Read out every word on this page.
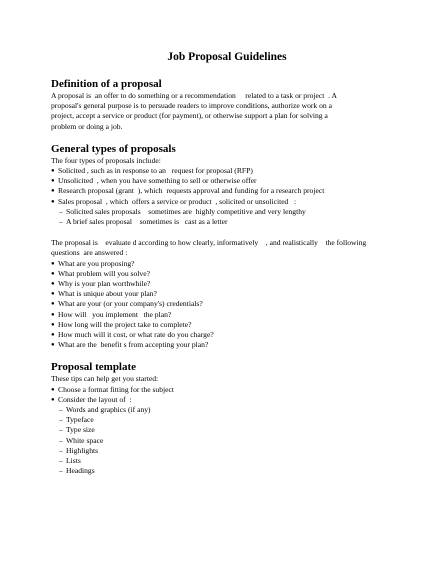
Job Proposal Guidelines
Definition of a proposal

A proposal is  an offer to do something or a recommendation     related to a task or project  . A

proposal's general purpose is to persuade readers to improve conditions, authorize work on a

project, accept a service or product (for payment), or otherwise support a plan for solving a

problem or doing a job.

General types of proposals

The four types of proposals include:

● Solicited , such as in response to an   request for proposal (RFP)
● Unsolicited  , when you have something to sell or otherwise offer
● Research proposal (grant  ), which  requests approval and funding for a research project
● Sales proposal  , which  offers a service or product  , solicited or unsolicited   :
– Solicited sales proposals    sometimes are  highly competitive and very lengthy
– A brief sales proposal    sometimes is   cast as a letter

The proposal is    evaluate d according to how clearly, informatively    , and realistically    the following

questions  are answered :

● What are you proposing?
● What problem will you solve?
● Why is your plan worthwhile?
● What is unique about your plan?
● What are your (or your company's) credentials?
● How will   you implement   the plan?
● How long will the project take to complete?
● How much will it cost, or what rate do you charge?
● What are the  benefit s from accepting your plan?
Proposal template

These tips can help get you started:

● Choose a format fitting for the subject
● Consider the layout of  :
– Words and graphics (if any)
– Typeface
– Type size
– White space
– Highlights
– Lists
– Headings
